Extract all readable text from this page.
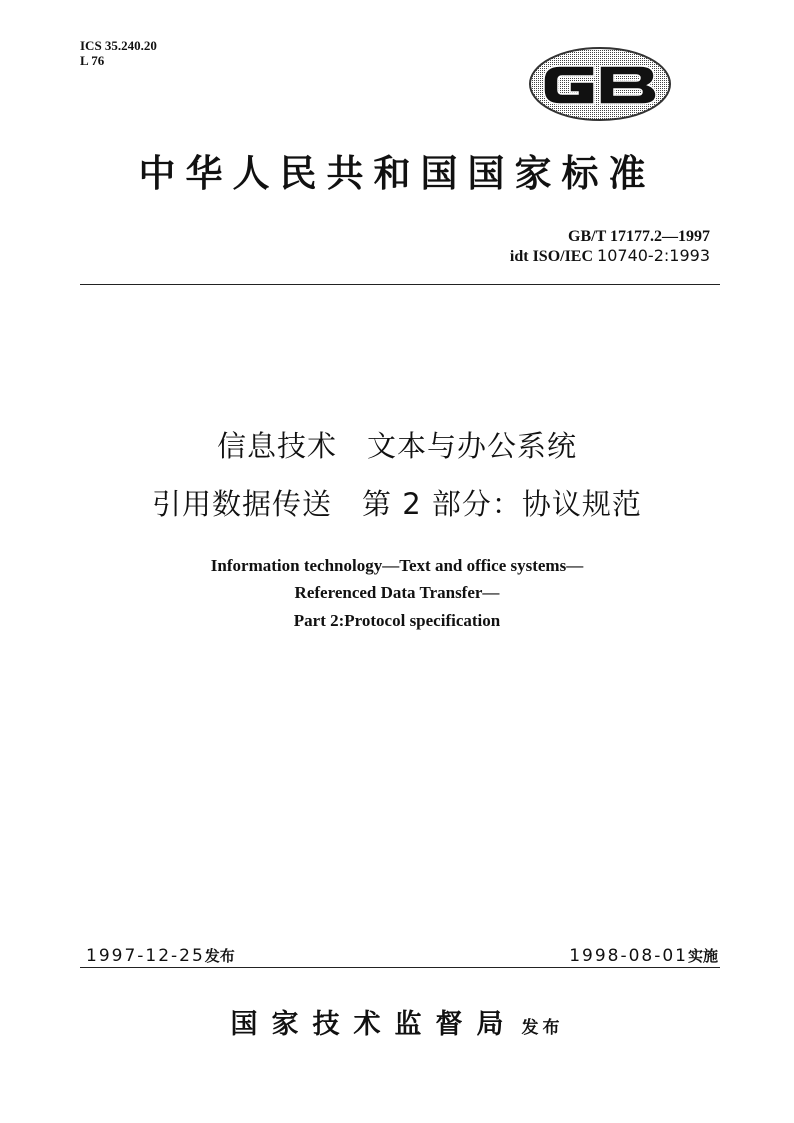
ICS 35.240.20
L 76
中华人民共和国国家标准
GB/T 17177.2—1997
idt ISO/IEC 10740-2:1993
信息技术　文本与办公系统
引用数据传送　第 2 部分：协议规范
Information technology—Text and office systems—
Referenced Data Transfer—
Part 2:Protocol specification
1997-12-25发布	1998-08-01实施
国家技术监督局 发布
